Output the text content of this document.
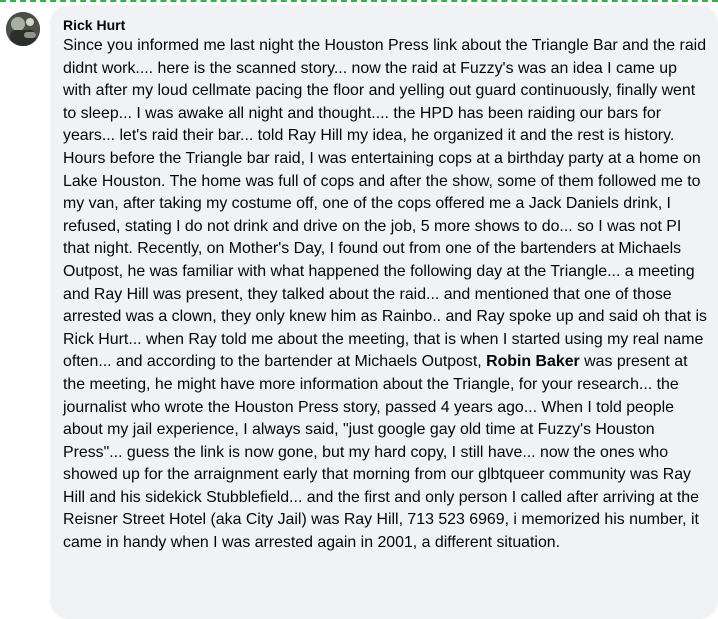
Rick Hurt

Since you informed me last night the Houston Press link about the Triangle Bar and the raid didnt work.... here is the scanned story... now the raid at Fuzzy's was an idea I came up with after my loud cellmate pacing the floor and yelling out guard continuously, finally went to sleep... I was awake all night and thought.... the HPD has been raiding our bars for years... let's raid their bar... told Ray Hill my idea, he organized it and the rest is history. Hours before the Triangle bar raid, I was entertaining cops at a birthday party at a home on Lake Houston. The home was full of cops and after the show, some of them followed me to my van, after taking my costume off, one of the cops offered me a Jack Daniels drink, I refused, stating I do not drink and drive on the job, 5 more shows to do... so I was not PI that night. Recently, on Mother's Day, I found out from one of the bartenders at Michaels Outpost, he was familiar with what happened the following day at the Triangle... a meeting and Ray Hill was present, they talked about the raid... and mentioned that one of those arrested was a clown, they only knew him as Rainbo.. and Ray spoke up and said oh that is Rick Hurt... when Ray told me about the meeting, that is when I started using my real name often... and according to the bartender at Michaels Outpost, Robin Baker was present at the meeting, he might have more information about the Triangle, for your research... the journalist who wrote the Houston Press story, passed 4 years ago... When I told people about my jail experience, I always said, "just google gay old time at Fuzzy's Houston Press"... guess the link is now gone, but my hard copy, I still have... now the ones who showed up for the arraignment early that morning from our glbtqueer community was Ray Hill and his sidekick Stubblefield... and the first and only person I called after arriving at the Reisner Street Hotel (aka City Jail) was Ray Hill, 713 523 6969, i memorized his number, it came in handy when I was arrested again in 2001, a different situation.
